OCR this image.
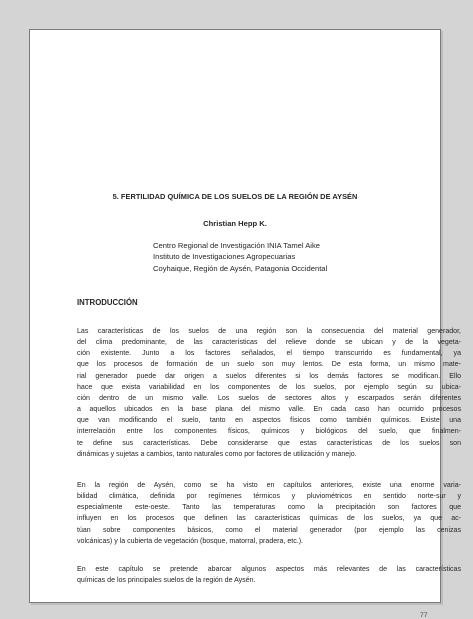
5. FERTILIDAD QUÍMICA DE LOS SUELOS DE LA REGIÓN DE AYSÉN
Christian Hepp K.
Centro Regional de Investigación INIA Tamel Aike
Instituto de Investigaciones Agropecuarias
Coyhaique, Región de Aysén, Patagonia Occidental
INTRODUCCIÓN
Las características de los suelos de una región son la consecuencia del material generador,
del clima predominante, de las características del relieve donde se ubican y de la vegeta-
ción existente. Junto a los factores señalados, el tiempo transcurrido es fundamental, ya
que los procesos de formación de un suelo son muy lentos. De esta forma, un mismo mate-
rial generador puede dar origen a suelos diferentes si los demás factores se modifican. Ello
hace que exista variabilidad en los componentes de los suelos, por ejemplo según su ubica-
ción dentro de un mismo valle. Los suelos de sectores altos y escarpados serán diferentes
a aquellos ubicados en la base plana del mismo valle. En cada caso han ocurrido procesos
que van modificando el suelo, tanto en aspectos físicos como también químicos. Existe una
interrelación entre los componentes físicos, químicos y biológicos del suelo, que finalmen-
te define sus características. Debe considerarse que estas características de los suelos son
dinámicas y sujetas a cambios, tanto naturales como por factores de utilización y manejo.
En la región de Aysén, como se ha visto en capítulos anteriores, existe una enorme varia-
bilidad climática, definida por regímenes térmicos y pluviométricos en sentido norte-sur y
especialmente este-oeste. Tanto las temperaturas como la precipitación son factores que
influyen en los procesos que definen las características químicas de los suelos, ya que ac-
túan sobre componentes básicos, como el material generador (por ejemplo las cenizas
volcánicas) y la cubierta de vegetación (bosque, matorral, pradera, etc.).
En este capítulo se pretende abarcar algunos aspectos más relevantes de las características
químicas de los principales suelos de la región de Aysén.
77
